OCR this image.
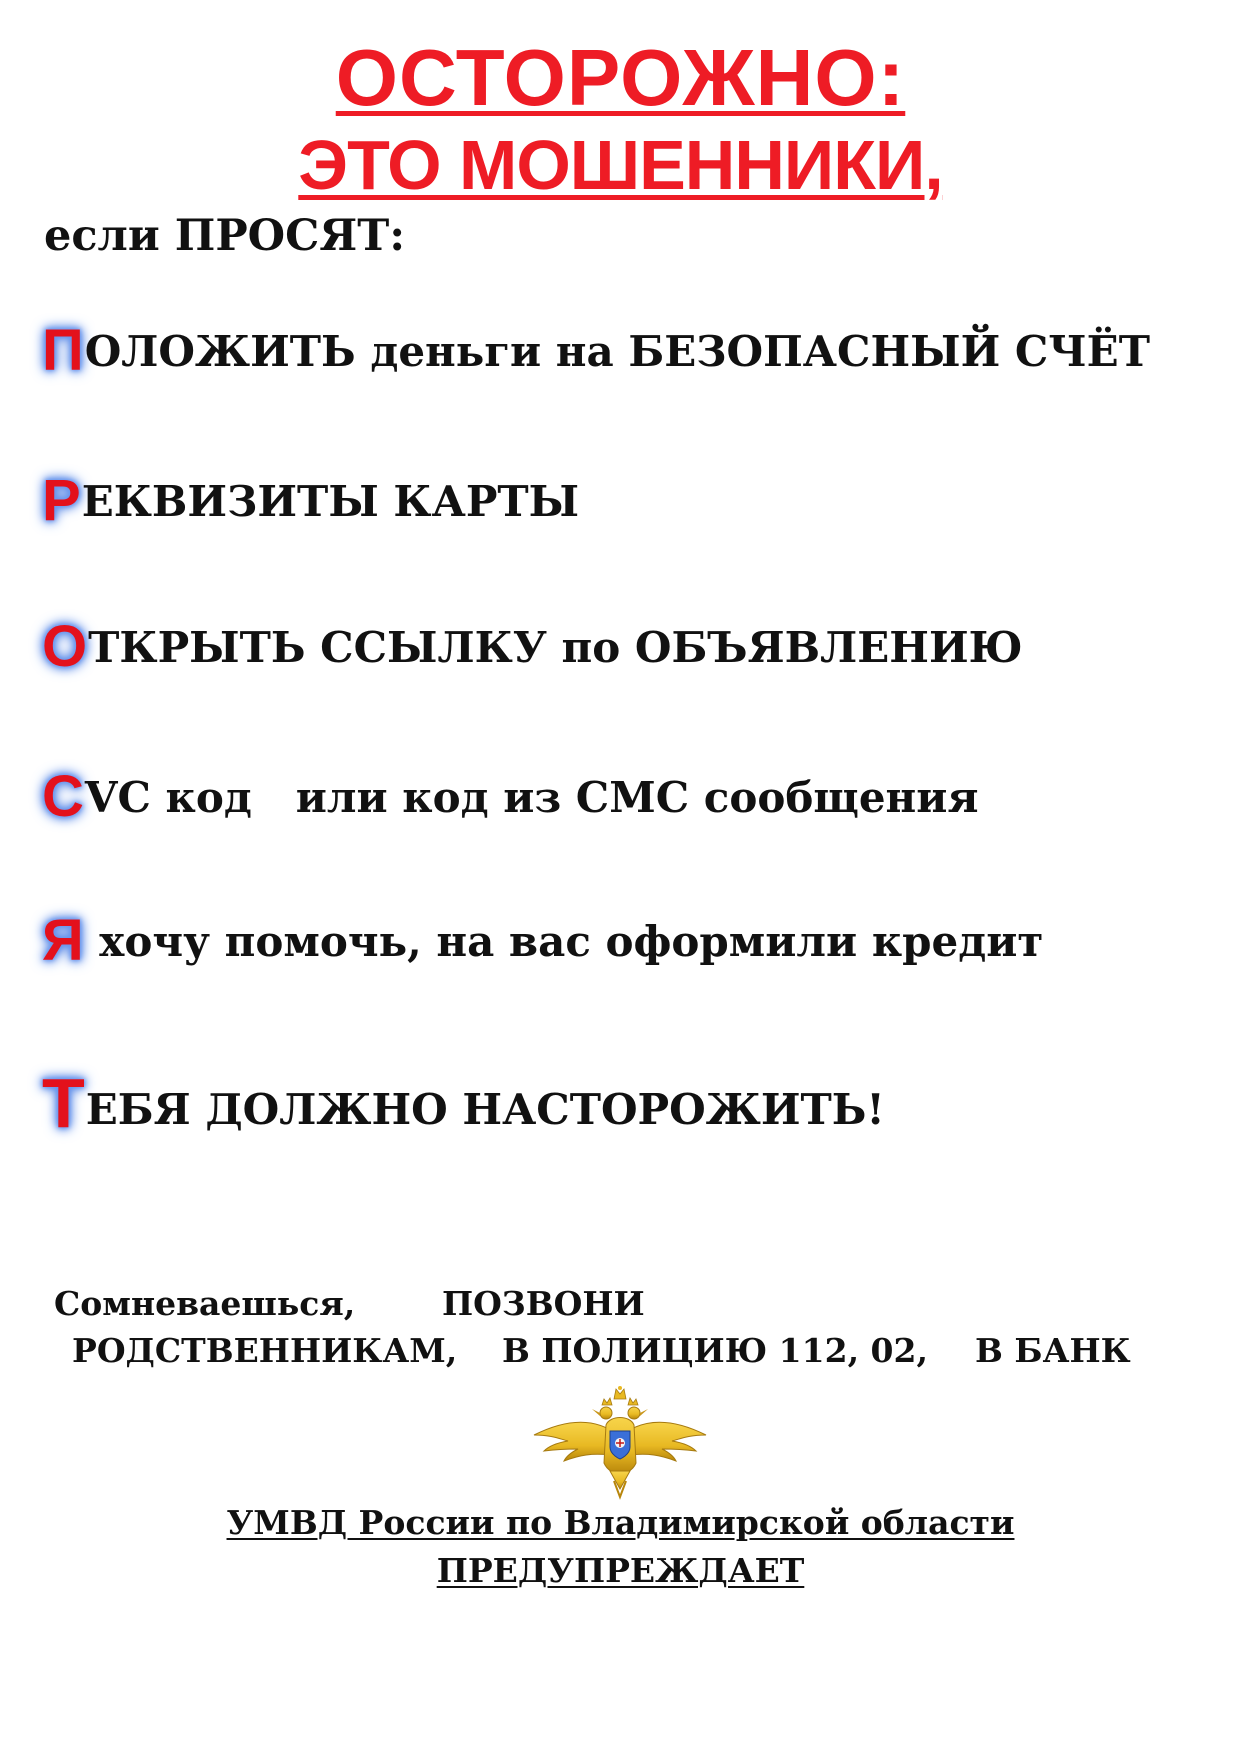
ОСТОРОЖНО:
ЭТО МОШЕННИКИ,
если ПРОСЯТ:
П ОЛОЖИТЬ деньги на БЕЗОПАСНЫЙ СЧЁТ
Р ЕКВИЗИТЫ КАРТЫ
О ТКРЫТЬ ССЫЛКУ по ОБЪЯВЛЕНИЮ
С VC код   или код из СМС сообщения
Я хочу помочь, на вас оформили кредит
Т ЕБЯ ДОЛЖНО НАСТОРОЖИТЬ!
Сомневаешься,	ПОЗВОНИ
РОДСТВЕННИКАМ, В ПОЛИЦИЮ 112, 02, В БАНК
УМВД России по Владимирской области
ПРЕДУПРЕЖДАЕТ
